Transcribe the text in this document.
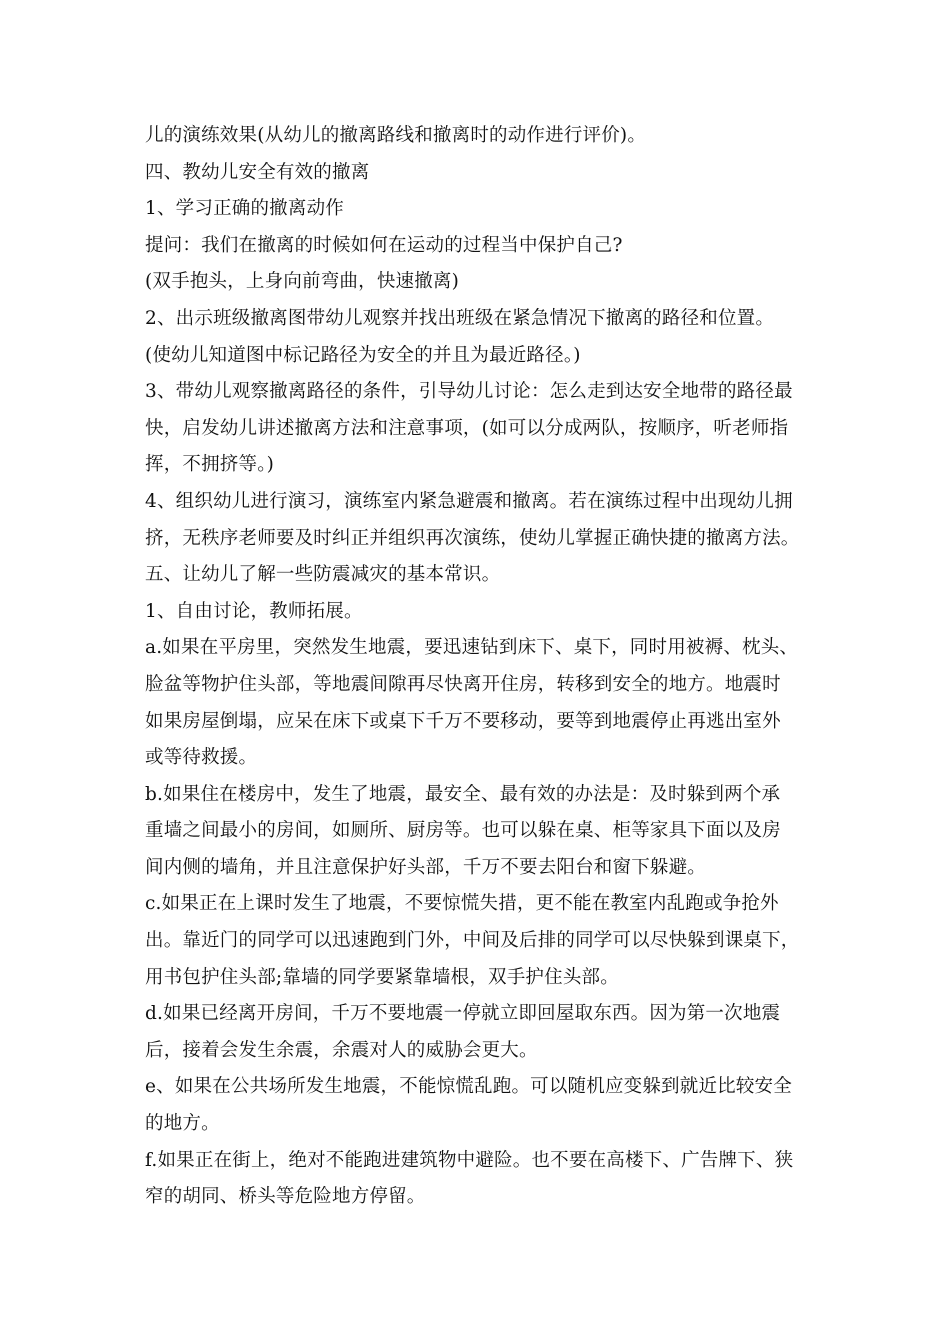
儿的演练效果(从幼儿的撤离路线和撤离时的动作进行评价)。
四、教幼儿安全有效的撤离
1、学习正确的撤离动作
提问：我们在撤离的时候如何在运动的过程当中保护自己?
(双手抱头，上身向前弯曲，快速撤离)
2、出示班级撤离图带幼儿观察并找出班级在紧急情况下撤离的路径和位置。
(使幼儿知道图中标记路径为安全的并且为最近路径。)
3、带幼儿观察撤离路径的条件，引导幼儿讨论：怎么走到达安全地带的路径最
快，启发幼儿讲述撤离方法和注意事项，(如可以分成两队，按顺序，听老师指
挥，不拥挤等。)
4、组织幼儿进行演习，演练室内紧急避震和撤离。若在演练过程中出现幼儿拥
挤，无秩序老师要及时纠正并组织再次演练，使幼儿掌握正确快捷的撤离方法。
五、让幼儿了解一些防震减灾的基本常识。
1、自由讨论，教师拓展。
a.如果在平房里，突然发生地震，要迅速钻到床下、桌下，同时用被褥、枕头、
脸盆等物护住头部，等地震间隙再尽快离开住房，转移到安全的地方。地震时
如果房屋倒塌，应呆在床下或桌下千万不要移动，要等到地震停止再逃出室外
或等待救援。
b.如果住在楼房中，发生了地震，最安全、最有效的办法是：及时躲到两个承
重墙之间最小的房间，如厕所、厨房等。也可以躲在桌、柜等家具下面以及房
间内侧的墙角，并且注意保护好头部，千万不要去阳台和窗下躲避。
c.如果正在上课时发生了地震，不要惊慌失措，更不能在教室内乱跑或争抢外
出。靠近门的同学可以迅速跑到门外，中间及后排的同学可以尽快躲到课桌下，
用书包护住头部;靠墙的同学要紧靠墙根，双手护住头部。
d.如果已经离开房间，千万不要地震一停就立即回屋取东西。因为第一次地震
后，接着会发生余震，余震对人的威胁会更大。
e、如果在公共场所发生地震，不能惊慌乱跑。可以随机应变躲到就近比较安全
的地方。
f.如果正在街上，绝对不能跑进建筑物中避险。也不要在高楼下、广告牌下、狭
窄的胡同、桥头等危险地方停留。
